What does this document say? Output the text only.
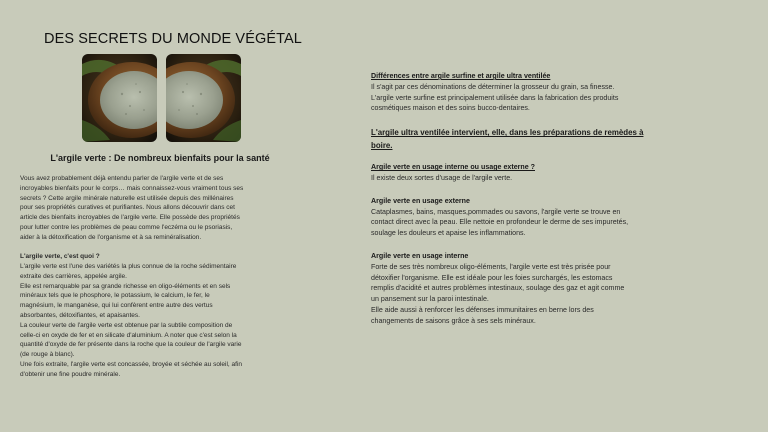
DES SECRETS DU MONDE VÉGÉTAL
L'argile verte : De nombreux bienfaits pour la santé

Vous avez probablement déjà entendu parler de l'argile verte et de ses

incroyables bienfaits pour le corps… mais connaissez-vous vraiment tous ses

secrets ? Cette argile minérale naturelle est utilisée depuis des millénaires

pour ses propriétés curatives et purifiantes. Nous allons découvrir dans cet

article des bienfaits incroyables de l'argile verte. Elle possède des propriétés

pour lutter contre les problèmes de peau comme l'eczéma ou le psoriasis,

aider à la détoxification de l'organisme et à sa reminéralisation.

L'argile verte, c'est quoi ?

L'argile verte est l'une des variétés la plus connue de la roche sédimentaire

extraite des carrières, appelée argile.

Elle est remarquable par sa grande richesse en oligo-éléments et en sels

minéraux tels que le phosphore, le potassium, le calcium, le fer, le

magnésium, le manganèse, qui lui confèrent entre autre des vertus

absorbantes, détoxifiantes, et apaisantes.

La couleur verte de l'argile verte est obtenue par la subtile composition de

celle-ci en oxyde de fer et en silicate d'aluminium. A noter que c'est selon la

quantité d'oxyde de fer présente dans la roche que la couleur de l'argile varie

(de rouge à blanc).

Une fois extraite, l'argile verte est concassée, broyée et séchée au soleil, afin

d'obtenir une fine poudre minérale.

Différences entre argile surfine et argile ultra ventilée

Il s'agit par ces dénominations de déterminer la grosseur du grain, sa finesse.

L'argile verte surfine est principalement utilisée dans la fabrication des produits

cosmétiques maison et des soins bucco-dentaires.

L'argile ultra ventilée intervient, elle, dans les préparations de remèdes à

boire.

Argile verte en usage interne ou usage externe ?

Il existe deux sortes d'usage de l'argile verte.

Argile verte en usage externe

Cataplasmes, bains, masques,pommades ou savons, l'argile verte se trouve en

contact direct avec la peau. Elle nettoie en profondeur le derme de ses impuretés,

soulage les douleurs et apaise les inflammations.

Argile verte en usage interne

Forte de ses très nombreux oligo-éléments, l'argile verte est très prisée pour

détoxifier l'organisme. Elle est idéale pour les foies surchargés, les estomacs

remplis d'acidité et autres problèmes intestinaux, soulage des gaz et agit comme

un pansement sur la paroi intestinale.

Elle aide aussi à renforcer les défenses immunitaires en berne lors des

changements de saisons grâce à ses sels minéraux.
